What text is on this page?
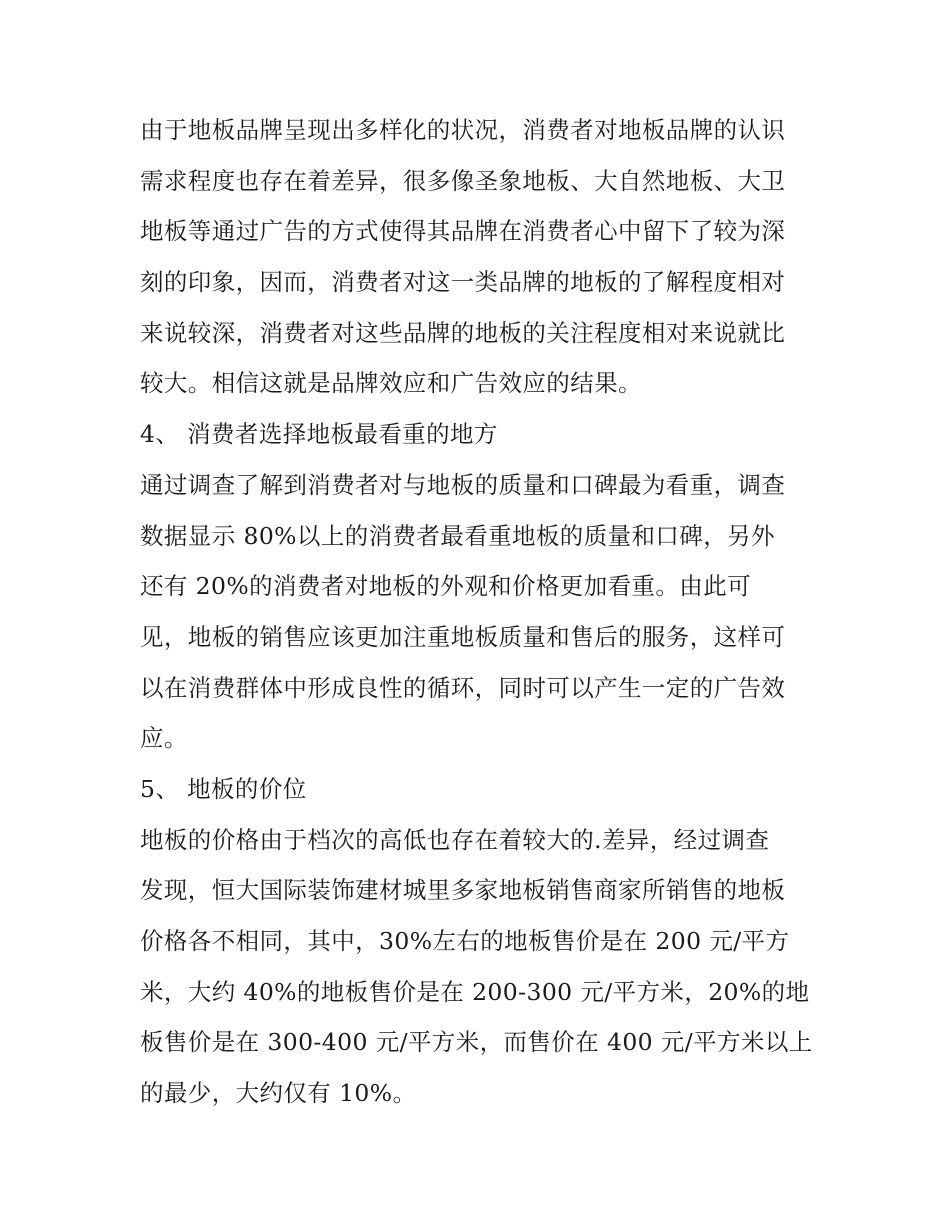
由于地板品牌呈现出多样化的状况，消费者对地板品牌的认识
需求程度也存在着差异，很多像圣象地板、大自然地板、大卫
地板等通过广告的方式使得其品牌在消费者心中留下了较为深
刻的印象，因而，消费者对这一类品牌的地板的了解程度相对
来说较深，消费者对这些品牌的地板的关注程度相对来说就比
较大。相信这就是品牌效应和广告效应的结果。
4、 消费者选择地板最看重的地方
通过调查了解到消费者对与地板的质量和口碑最为看重，调查
数据显示 80%以上的消费者最看重地板的质量和口碑，另外
还有 20%的消费者对地板的外观和价格更加看重。由此可
见，地板的销售应该更加注重地板质量和售后的服务，这样可
以在消费群体中形成良性的循环，同时可以产生一定的广告效
应。
5、 地板的价位
地板的价格由于档次的高低也存在着较大的.差异，经过调查
发现，恒大国际装饰建材城里多家地板销售商家所销售的地板
价格各不相同，其中，30%左右的地板售价是在 200 元/平方
米，大约 40%的地板售价是在 200-300 元/平方米，20%的地
板售价是在 300-400 元/平方米，而售价在 400 元/平方米以上
的最少，大约仅有 10%。
